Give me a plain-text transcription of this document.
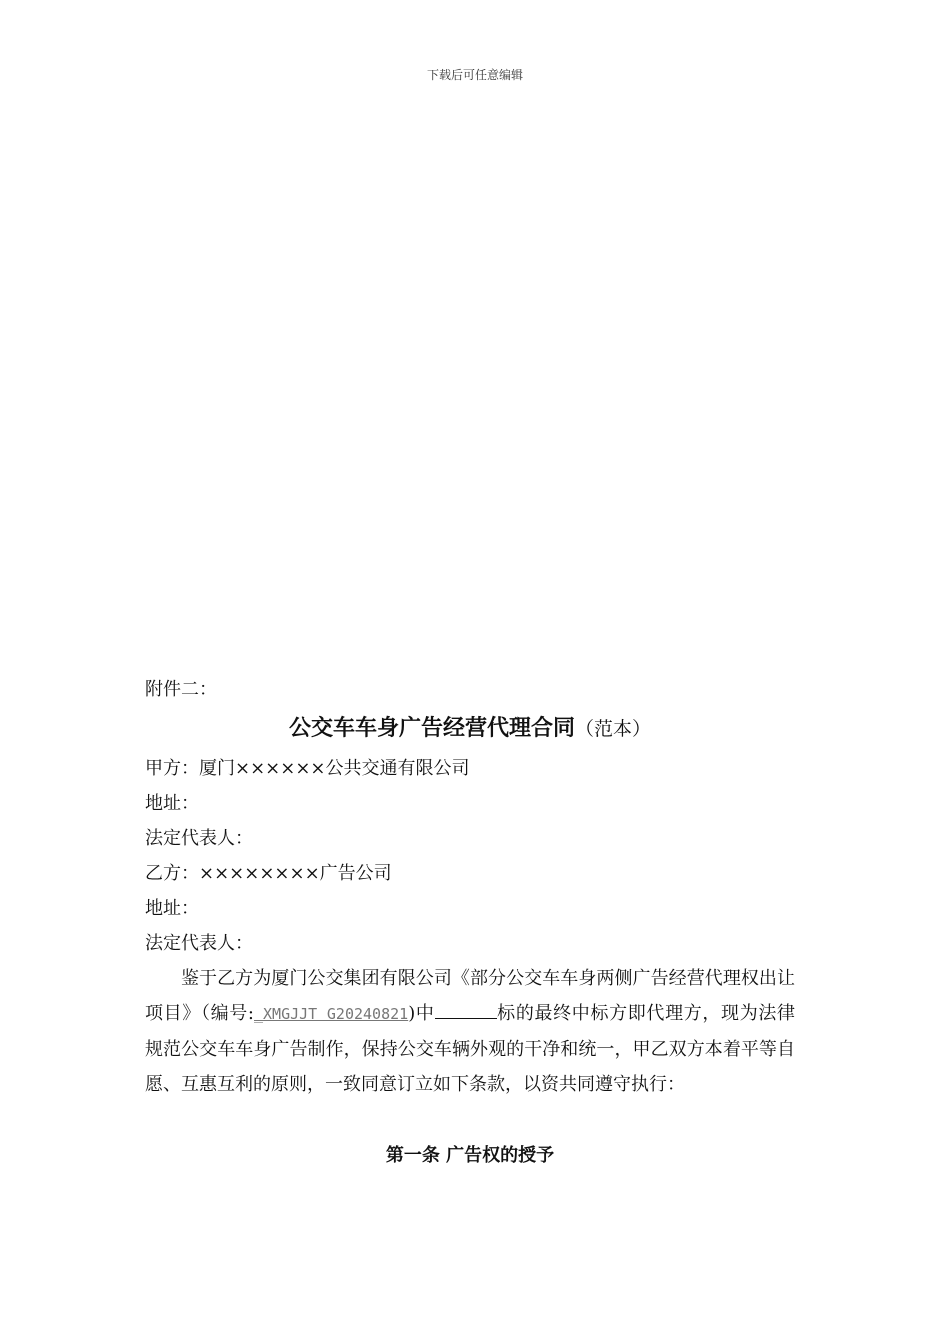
下载后可任意编辑
附件二：
公交车车身广告经营代理合同（范本）
甲方：厦门××××××公共交通有限公司
地址：
法定代表人：
乙方：××××××××广告公司
地址：
法定代表人：

鉴于乙方为厦门公交集团有限公司《部分公交车车身两侧广告经营代理权出让项目》（编号:_XMGJJT G20240821)中	标的最终中标方即代理方，现为法律规范公交车车身广告制作，保持公交车辆外观的干净和统一，甲乙双方本着平等自愿、互惠互利的原则，一致同意订立如下条款，以资共同遵守执行：

第一条 广告权的授予
